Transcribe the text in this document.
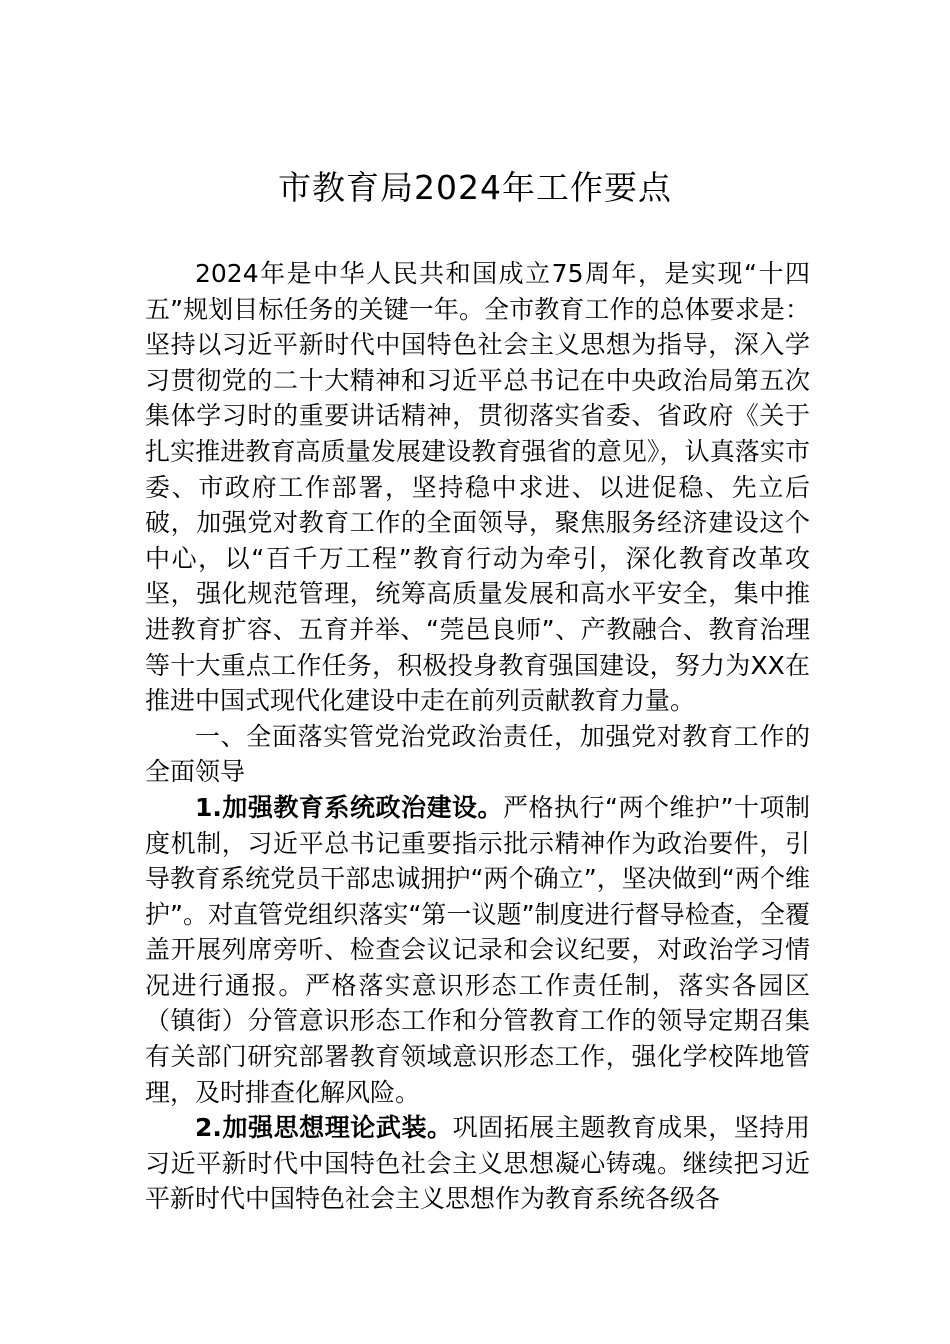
市教育局2024年工作要点

2024年是中华人民共和国成立75周年，是实现“十四五”规划目标任务的关键一年。全市教育工作的总体要求是：坚持以习近平新时代中国特色社会主义思想为指导，深入学习贯彻党的二十大精神和习近平总书记在中央政治局第五次集体学习时的重要讲话精神，贯彻落实省委、省政府《关于扎实推进教育高质量发展建设教育强省的意见》，认真落实市委、市政府工作部署，坚持稳中求进、以进促稳、先立后破，加强党对教育工作的全面领导，聚焦服务经济建设这个中心，以“百千万工程”教育行动为牵引，深化教育改革攻坚，强化规范管理，统筹高质量发展和高水平安全，集中推进教育扩容、五育并举、“莞邑良师”、产教融合、教育治理等十大重点工作任务，积极投身教育强国建设，努力为XX在推进中国式现代化建设中走在前列贡献教育力量。

一、全面落实管党治党政治责任，加强党对教育工作的全面领导

1.加强教育系统政治建设。严格执行“两个维护”十项制度机制，习近平总书记重要指示批示精神作为政治要件，引导教育系统党员干部忠诚拥护“两个确立”，坚决做到“两个维护”。对直管党组织落实“第一议题”制度进行督导检查，全覆盖开展列席旁听、检查会议记录和会议纪要，对政治学习情况进行通报。严格落实意识形态工作责任制，落实各园区（镇街）分管意识形态工作和分管教育工作的领导定期召集有关部门研究部署教育领域意识形态工作，强化学校阵地管理，及时排查化解风险。

2.加强思想理论武装。巩固拓展主题教育成果，坚持用习近平新时代中国特色社会主义思想凝心铸魂。继续把习近平新时代中国特色社会主义思想作为教育系统各级各
